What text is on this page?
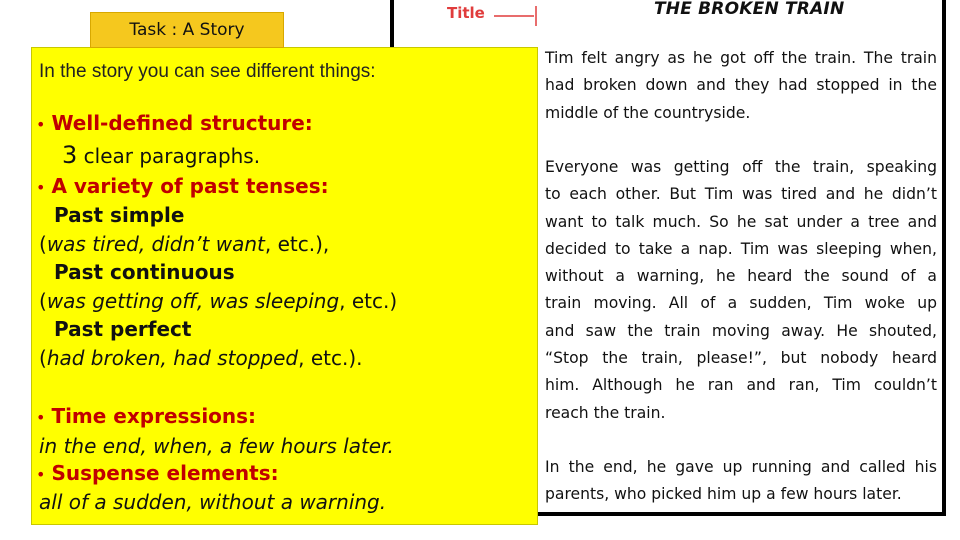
Title	THE BROKEN TRAIN
Tim felt angry as he got off the train. The train
had broken down and they had stopped in the
middle of the countryside.
Everyone was getting off the train, speaking
to each other. But Tim was tired and he didn’t
want to talk much. So he sat under a tree and
decided to take a nap. Tim was sleeping when,
without a warning, he heard the sound of a
train moving. All of a sudden, Tim woke up
and saw the train moving away. He shouted,
“Stop the train, please!”, but nobody heard
him. Although he ran and ran, Tim couldn’t
reach the train.
In the end, he gave up running and called his
parents, who picked him up a few hours later.
In the story you can see different things:
• Well-defined structure:
3 clear paragraphs.
• A variety of past tenses:
Past simple
(was tired, didn’t want, etc.),
Past continuous
(was getting off, was sleeping, etc.)
Past perfect
(had broken, had stopped, etc.).
• Time expressions:
in the end, when, a few hours later.
• Suspense elements:
all of a sudden, without a warning.
Task : A Story
